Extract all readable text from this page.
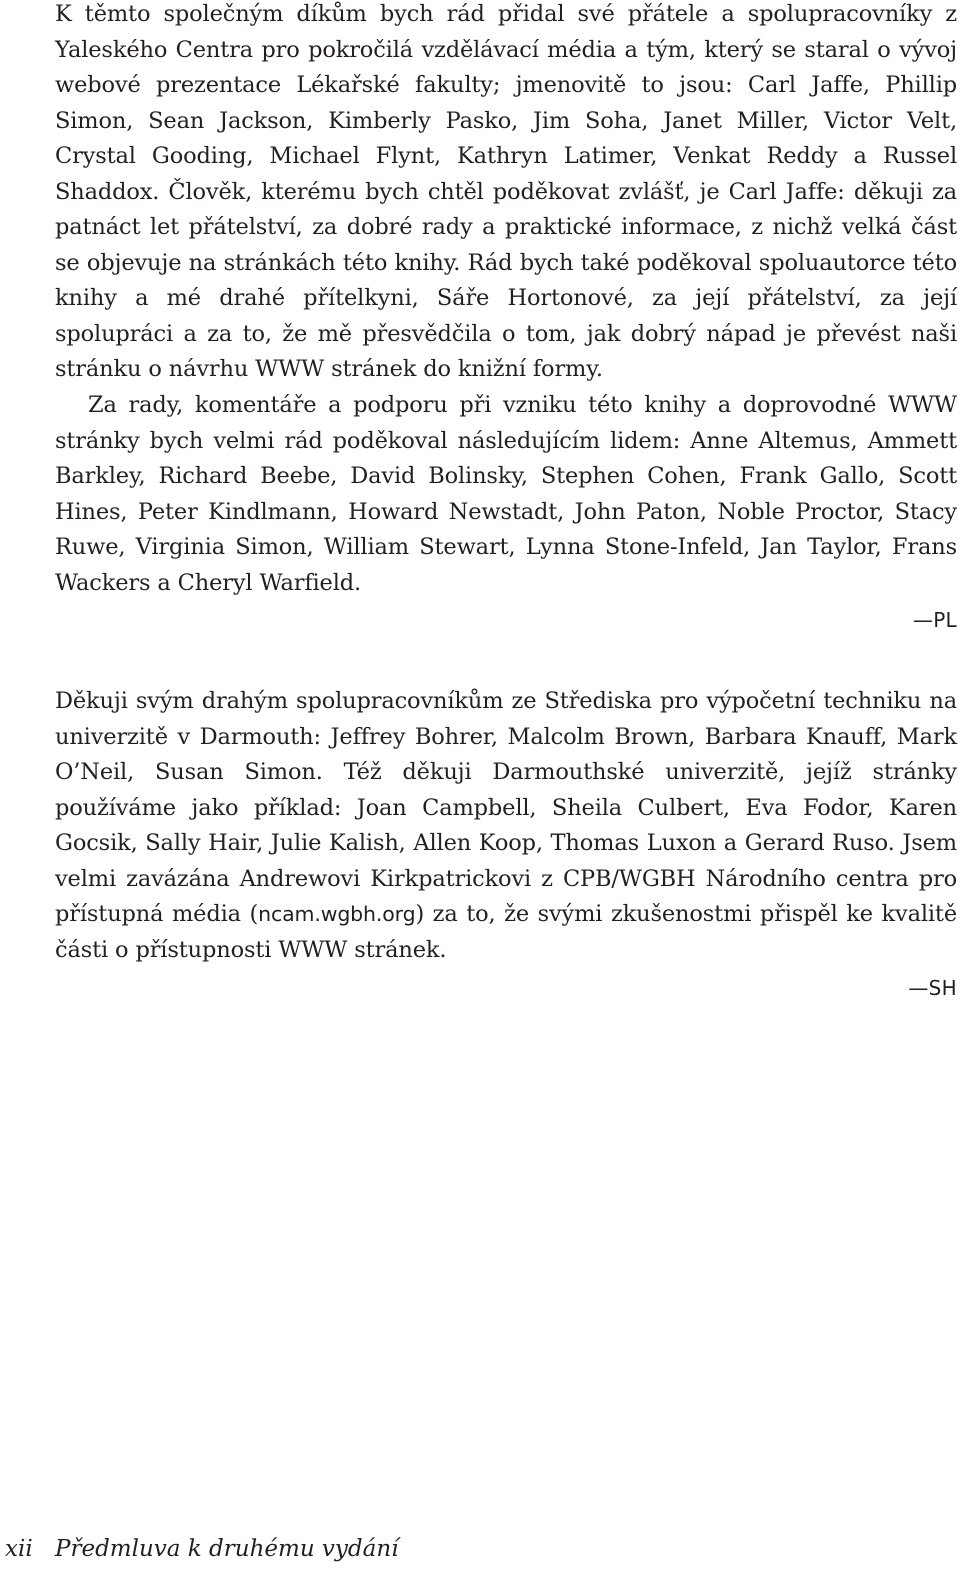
K těmto společným díkům bych rád přidal své přátele a spolupracovníky z Yaleského Centra pro pokročilá vzdělávací média a tým, který se staral o vývoj webové prezentace Lékařské fakulty; jmenovitě to jsou: Carl Jaffe, Phillip Simon, Sean Jackson, Kimberly Pasko, Jim Soha, Janet Miller, Victor Velt, Crystal Gooding, Michael Flynt, Kathryn Latimer, Venkat Reddy a Russel Shaddox. Člověk, kterému bych chtěl poděkovat zvlášť, je Carl Jaffe: děkuji za patnáct let přátelství, za dobré rady a praktické informace, z nichž velká část se objevuje na stránkách této knihy. Rád bych také poděkoval spoluautorce této knihy a mé drahé přítelkyni, Sáře Hortonové, za její přátelství, za její spolupráci a za to, že mě přesvědčila o tom, jak dobrý nápad je převést naši stránku o návrhu WWW stránek do knižní formy.

Za rady, komentáře a podporu při vzniku této knihy a doprovodné WWW stránky bych velmi rád poděkoval následujícím lidem: Anne Altemus, Ammett Barkley, Richard Beebe, David Bolinsky, Stephen Cohen, Frank Gallo, Scott Hines, Peter Kindlmann, Howard Newstadt, John Paton, Noble Proctor, Stacy Ruwe, Virginia Simon, William Stewart, Lynna Stone-Infeld, Jan Taylor, Frans Wackers a Cheryl Warfield.

—PL

Děkuji svým drahým spolupracovníkům ze Střediska pro výpočetní techniku na univerzitě v Darmouth: Jeffrey Bohrer, Malcolm Brown, Barbara Knauff, Mark O’Neil, Susan Simon. Též děkuji Darmouthské univerzitě, jejíž stránky používáme jako příklad: Joan Campbell, Sheila Culbert, Eva Fodor, Karen Gocsik, Sally Hair, Julie Kalish, Allen Koop, Thomas Luxon a Gerard Ruso. Jsem velmi zavázána Andrewovi Kirkpatrickovi z CPB/WGBH Národního centra pro přístupná média (ncam.wgbh.org) za to, že svými zkušenostmi přispěl ke kvalitě části o přístupnosti WWW stránek.

—SH
xii Předmluva k druhému vydání
